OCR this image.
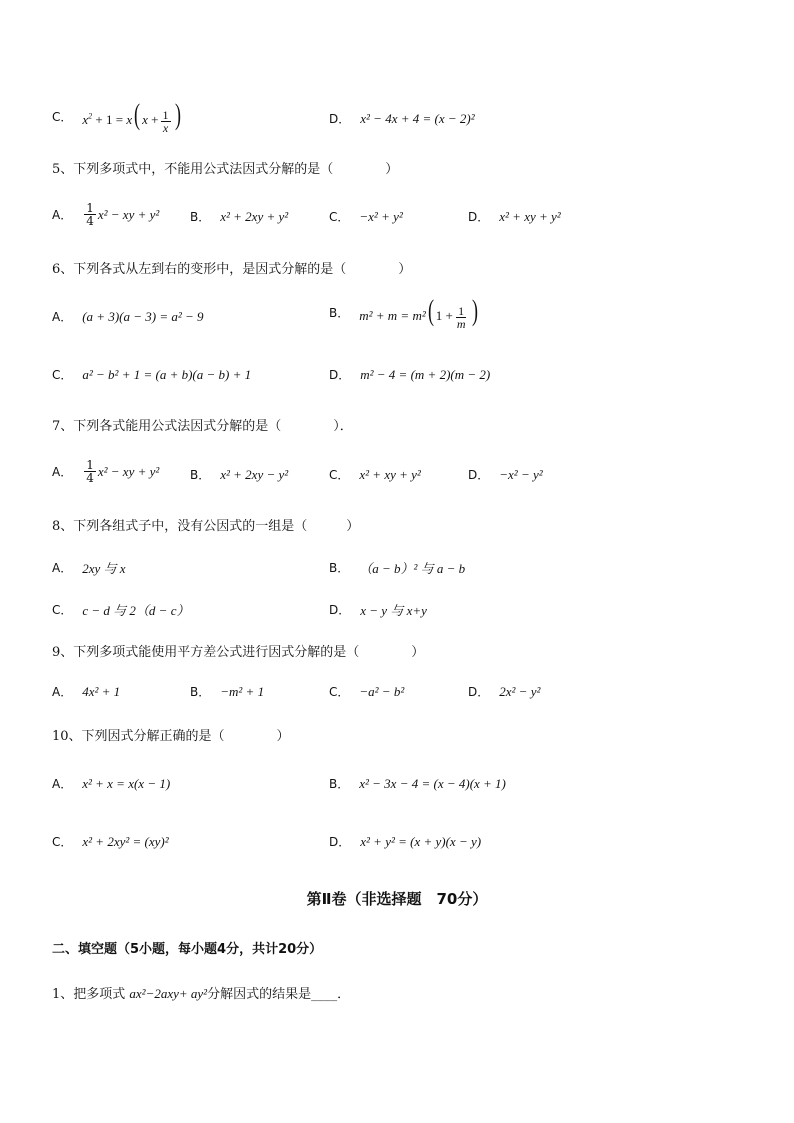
C． $x^2 + 1 = x$( $x + \frac{1}{x}$ )	D． x² − 4x + 4 = (x − 2)²
5、下列多项式中，不能用公式法因式分解的是（　　　　）
A． $\frac{1}{4} x^2$ − xy + y²	B． x² + 2xy + y²	C． −x² + y²	D． x² + xy + y²
6、下列各式从左到右的变形中，是因式分解的是（　　　　）
A． (a + 3)(a − 3) = a² − 9	B． m² + m = m²( $1 + \frac{1}{m}$ )
C． a² − b² + 1 = (a + b)(a − b) + 1	D． m² − 4 = (m + 2)(m − 2)
7、下列各式能用公式法因式分解的是（　　　　）．
A． $\frac{1}{4} x^2$ − xy + y²	B． x² + 2xy − y²	C． x² + xy + y²	D． −x² − y²
8、下列各组式子中，没有公因式的一组是（　　　）
A． 2xy 与 x	B． （a − b）² 与 a − b
C． c − d 与 2（d − c）	D． x − y 与 x+y
9、下列多项式能使用平方差公式进行因式分解的是（　　　　）
A． 4x² + 1	B． −m² + 1	C． −a² − b²	D． 2x² − y²
10、下列因式分解正确的是（　　　　）
A． x² + x = x(x − 1)	B． x² − 3x − 4 = (x − 4)(x + 1)
C． x² + 2xy² = (xy)²	D． x² + y² = (x + y)(x − y)
第Ⅱ卷（非选择题　70分）
二、填空题（5小题，每小题4分，共计20分）
1、把多项式 ax²−2axy+ ay²分解因式的结果是____．
